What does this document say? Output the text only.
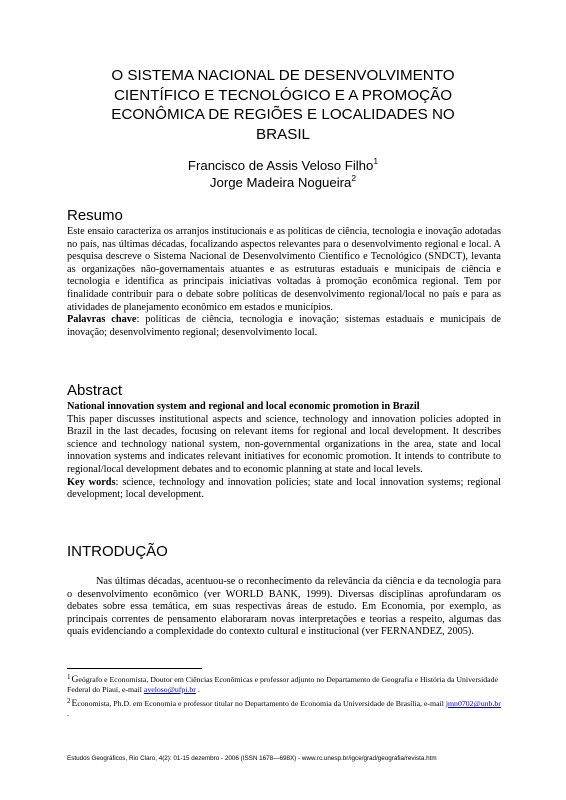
O SISTEMA NACIONAL DE DESENVOLVIMENTO
CIENTÍFICO E TECNOLÓGICO E A PROMOÇÃO
ECONÔMICA DE REGIÕES E LOCALIDADES NO
BRASIL
Francisco de Assis Veloso Filho$^1$
Jorge Madeira Nogueira$^2$
Resumo

Este ensaio caracteriza os arranjos institucionais e as políticas de ciência, tecnologia e inovação adotadas no país, nas últimas décadas, focalizando aspectos relevantes para o desenvolvimento regional e local. A pesquisa descreve o Sistema Nacional de Desenvolvimento Científico e Tecnológico (SNDCT), levanta as organizações não-governamentais atuantes e as estruturas estaduais e municipais de ciência e tecnologia e identifica as principais iniciativas voltadas à promoção econômica regional. Tem por finalidade contribuir para o debate sobre políticas de desenvolvimento regional/local no país e para as atividades de planejamento econômico em estados e municípios.

Palavras chave: políticas de ciência, tecnologia e inovação; sistemas estaduais e municipais de inovação; desenvolvimento regional; desenvolvimento local.

Abstract

National innovation system and regional and local economic promotion in Brazil

This paper discusses institutional aspects and science, technology and innovation policies adopted in Brazil in the last decades, focusing on relevant items for regional and local development. It describes science and technology national system, non-governmental organizations in the area, state and local innovation systems and indicates relevant initiatives for economic promotion. It intends to contribute to regional/local development debates and to economic planning at state and local levels.

Key words: science, technology and innovation policies; state and local innovation systems; regional development; local development.

INTRODUÇÃO

Nas últimas décadas, acentuou-se o reconhecimento da relevância da ciência e da tecnologia para o desenvolvimento econômico (ver WORLD BANK, 1999). Diversas disciplinas aprofundaram os debates sobre essa temática, em suas respectivas áreas de estudo. Em Economia, por exemplo, as principais correntes de pensamento elaboraram novas interpretações e teorias a respeito, algumas das quais evidenciando a complexidade do contexto cultural e institucional (ver FERNANDEZ, 2005).

$^1$Geógrafo e Economista, Doutor em Ciências Econômicas e professor adjunto no Departamento de Geografia e História da Universidade Federal do Piauí, e-mail aveloso@ufpi.br .
$^2$Economista, Ph.D. em Economia e professor titular no Departamento de Economia da Universidade de Brasília, e-mail jmn0702@unb.br .
Estudos Geográficos, Rio Claro, 4(2): 01-15 dezembro - 2006 (ISSN 1678—698X) - www.rc.unesp.br/igce/grad/geografia/revista.htm
